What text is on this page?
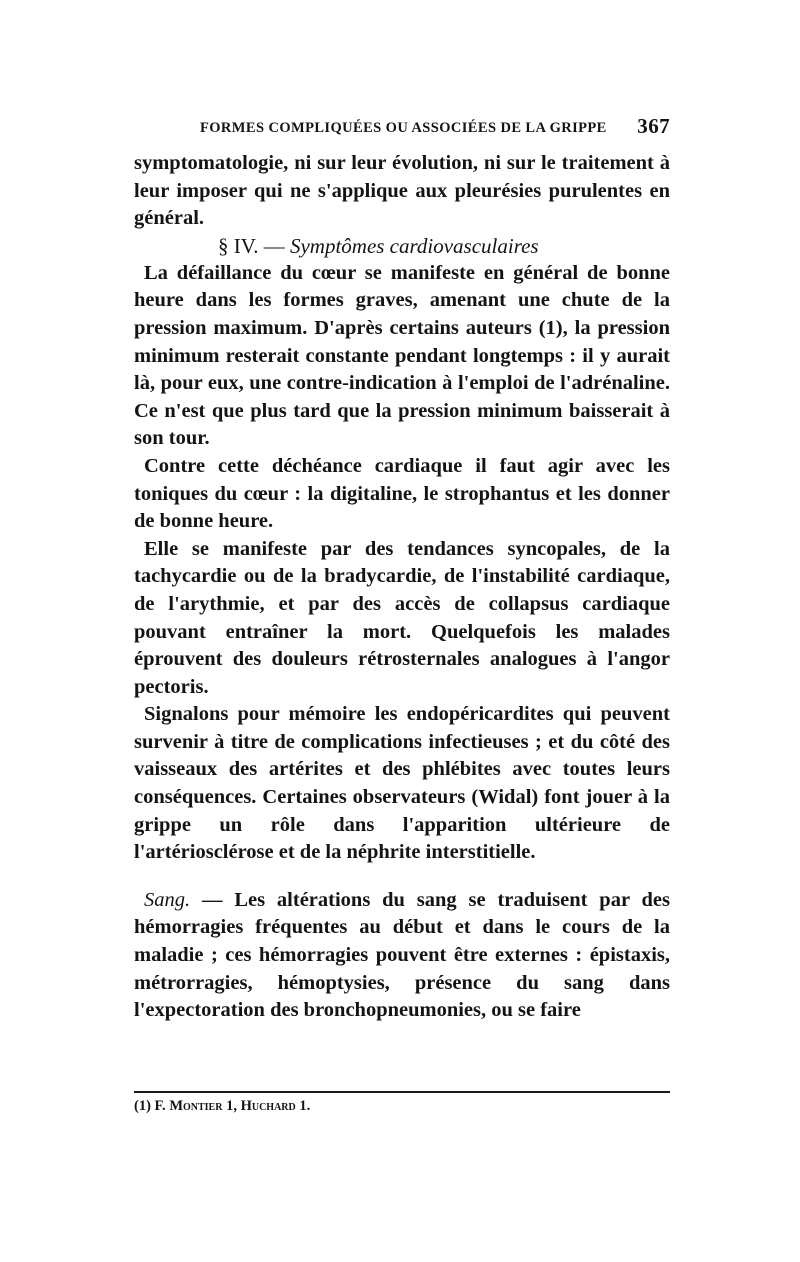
FORMES COMPLIQUÉES OU ASSOCIÉES DE LA GRIPPE 367

symptomatologie, ni sur leur évolution, ni sur le traitement à leur imposer qui ne s'applique aux pleurésies purulentes en général.

§ IV. — Symptômes cardiovasculaires

La défaillance du cœur se manifeste en général de bonne heure dans les formes graves, amenant une chute de la pression maximum. D'après certains auteurs (1), la pression minimum resterait constante pendant longtemps : il y aurait là, pour eux, une contre-indication à l'emploi de l'adrénaline. Ce n'est que plus tard que la pression minimum baisserait à son tour.

Contre cette déchéance cardiaque il faut agir avec les toniques du cœur : la digitaline, le strophantus et les donner de bonne heure.

Elle se manifeste par des tendances syncopales, de la tachycardie ou de la bradycardie, de l'instabilité cardiaque, de l'arythmie, et par des accès de collapsus cardiaque pouvant entraîner la mort. Quelquefois les malades éprouvent des douleurs rétrosternales analogues à l'angor pectoris.

Signalons pour mémoire les endopéricardites qui peuvent survenir à titre de complications infectieuses ; et du côté des vaisseaux des artérites et des phlébites avec toutes leurs conséquences. Certaines observateurs (Widal) font jouer à la grippe un rôle dans l'apparition ultérieure de l'artériosclérose et de la néphrite interstitielle.

Sang. — Les altérations du sang se traduisent par des hémorragies fréquentes au début et dans le cours de la maladie ; ces hémorragies pouvent être externes : épistaxis, métrorragies, hémoptysies, présence du sang dans l'expectoration des bronchopneumonies, ou se faire

(1) F. Montier 1, Huchard 1.
